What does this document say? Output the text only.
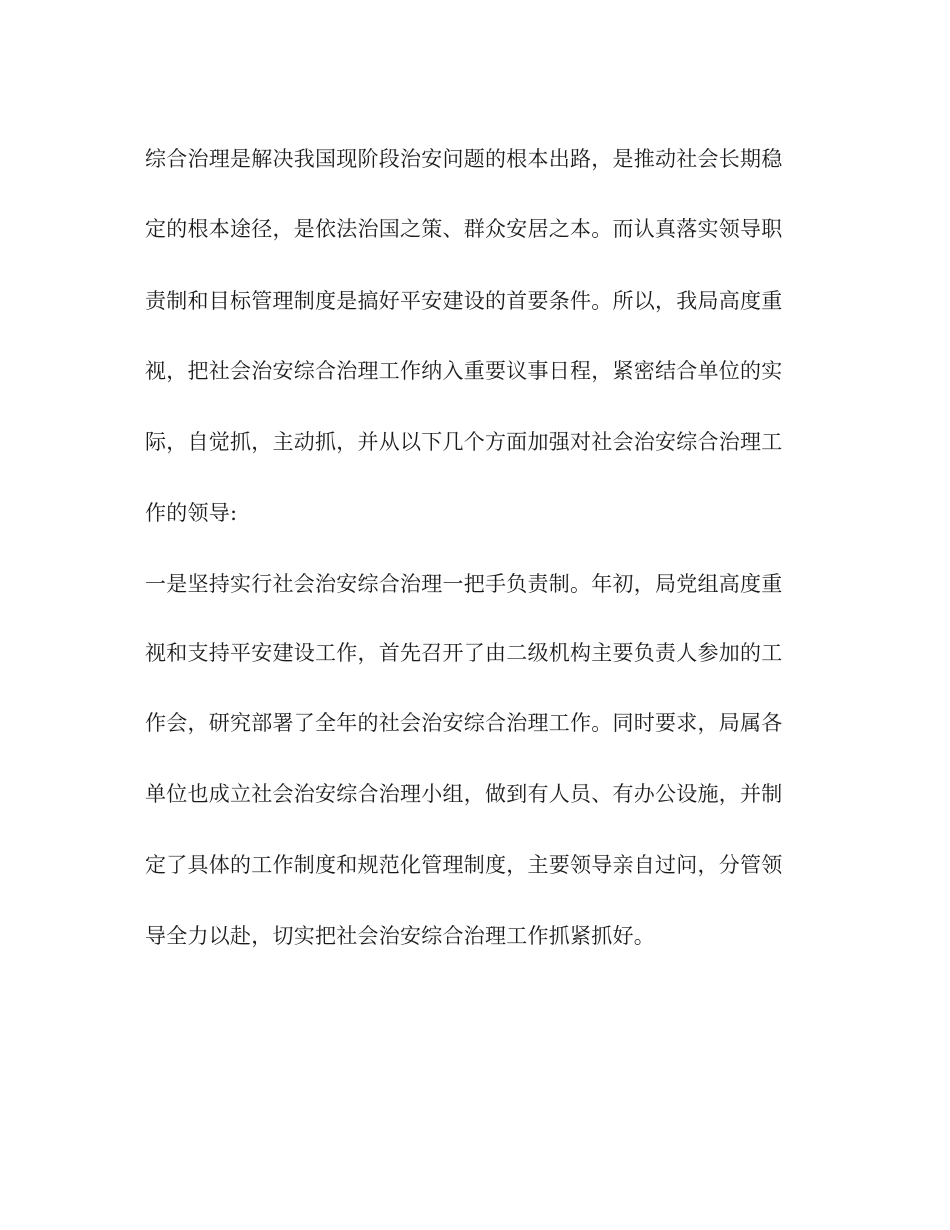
综合治理是解决我国现阶段治安问题的根本出路，是推动社会长期稳
定的根本途径，是依法治国之策、群众安居之本。而认真落实领导职
责制和目标管理制度是搞好平安建设的首要条件。所以，我局高度重
视，把社会治安综合治理工作纳入重要议事日程，紧密结合单位的实
际，自觉抓，主动抓，并从以下几个方面加强对社会治安综合治理工
作的领导:
一是坚持实行社会治安综合治理一把手负责制。年初，局党组高度重
视和支持平安建设工作，首先召开了由二级机构主要负责人参加的工
作会，研究部署了全年的社会治安综合治理工作。同时要求，局属各
单位也成立社会治安综合治理小组，做到有人员、有办公设施，并制
定了具体的工作制度和规范化管理制度，主要领导亲自过问，分管领
导全力以赴，切实把社会治安综合治理工作抓紧抓好。
